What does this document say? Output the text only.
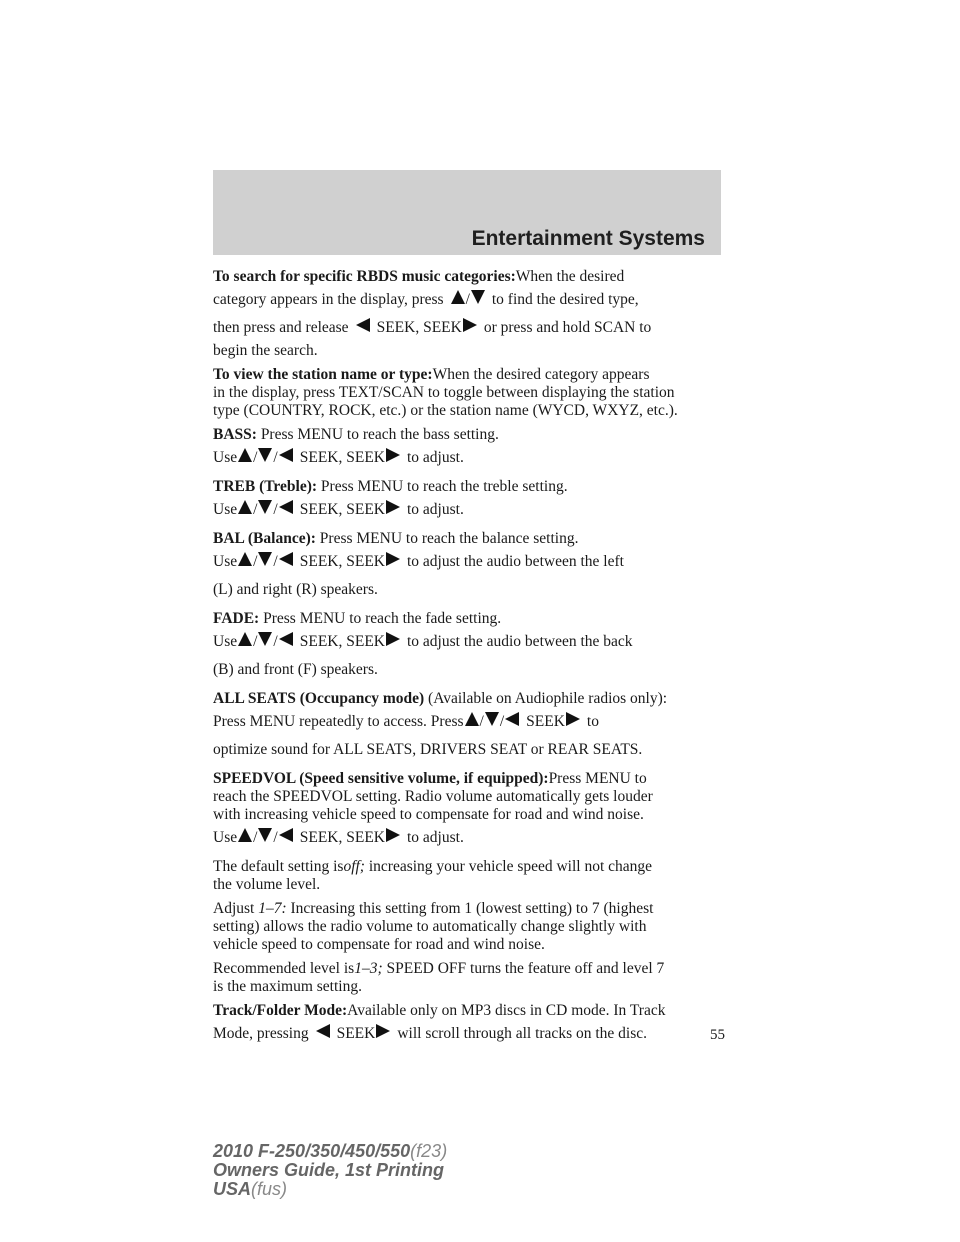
Entertainment Systems
To search for specific RBDS music categories:When the desired
category appears in the display, press / to find the desired type,
then press and release SEEK, SEEK or press and hold SCAN to
begin the search.
To view the station name or type:When the desired category appears
in the display, press TEXT/SCAN to toggle between displaying the station
type (COUNTRY, ROCK, etc.) or the station name (WYCD, WXYZ, etc.).
BASS: Press MENU to reach the bass setting.
Use / / SEEK, SEEK to adjust.
TREB (Treble): Press MENU to reach the treble setting.
Use / / SEEK, SEEK to adjust.
BAL (Balance): Press MENU to reach the balance setting.
Use / / SEEK, SEEK to adjust the audio between the left
(L) and right (R) speakers.
FADE: Press MENU to reach the fade setting.
Use / / SEEK, SEEK to adjust the audio between the back
(B) and front (F) speakers.
ALL SEATS (Occupancy mode) (Available on Audiophile radios only):
Press MENU repeatedly to access. Press / / SEEK to
optimize sound for ALL SEATS, DRIVERS SEAT or REAR SEATS.
SPEEDVOL (Speed sensitive volume, if equipped):Press MENU to
reach the SPEEDVOL setting. Radio volume automatically gets louder
with increasing vehicle speed to compensate for road and wind noise.
Use / / SEEK, SEEK to adjust.
The default setting isoff; increasing your vehicle speed will not change
the volume level.
Adjust 1–7: Increasing this setting from 1 (lowest setting) to 7 (highest
setting) allows the radio volume to automatically change slightly with
vehicle speed to compensate for road and wind noise.
Recommended level is1–3; SPEED OFF turns the feature off and level 7
is the maximum setting.
Track/Folder Mode:Available only on MP3 discs in CD mode. In Track
Mode, pressing SEEK will scroll through all tracks on the disc.	55
2010 F-250/350/450/550(f23)
Owners Guide, 1st Printing
USA(fus)
